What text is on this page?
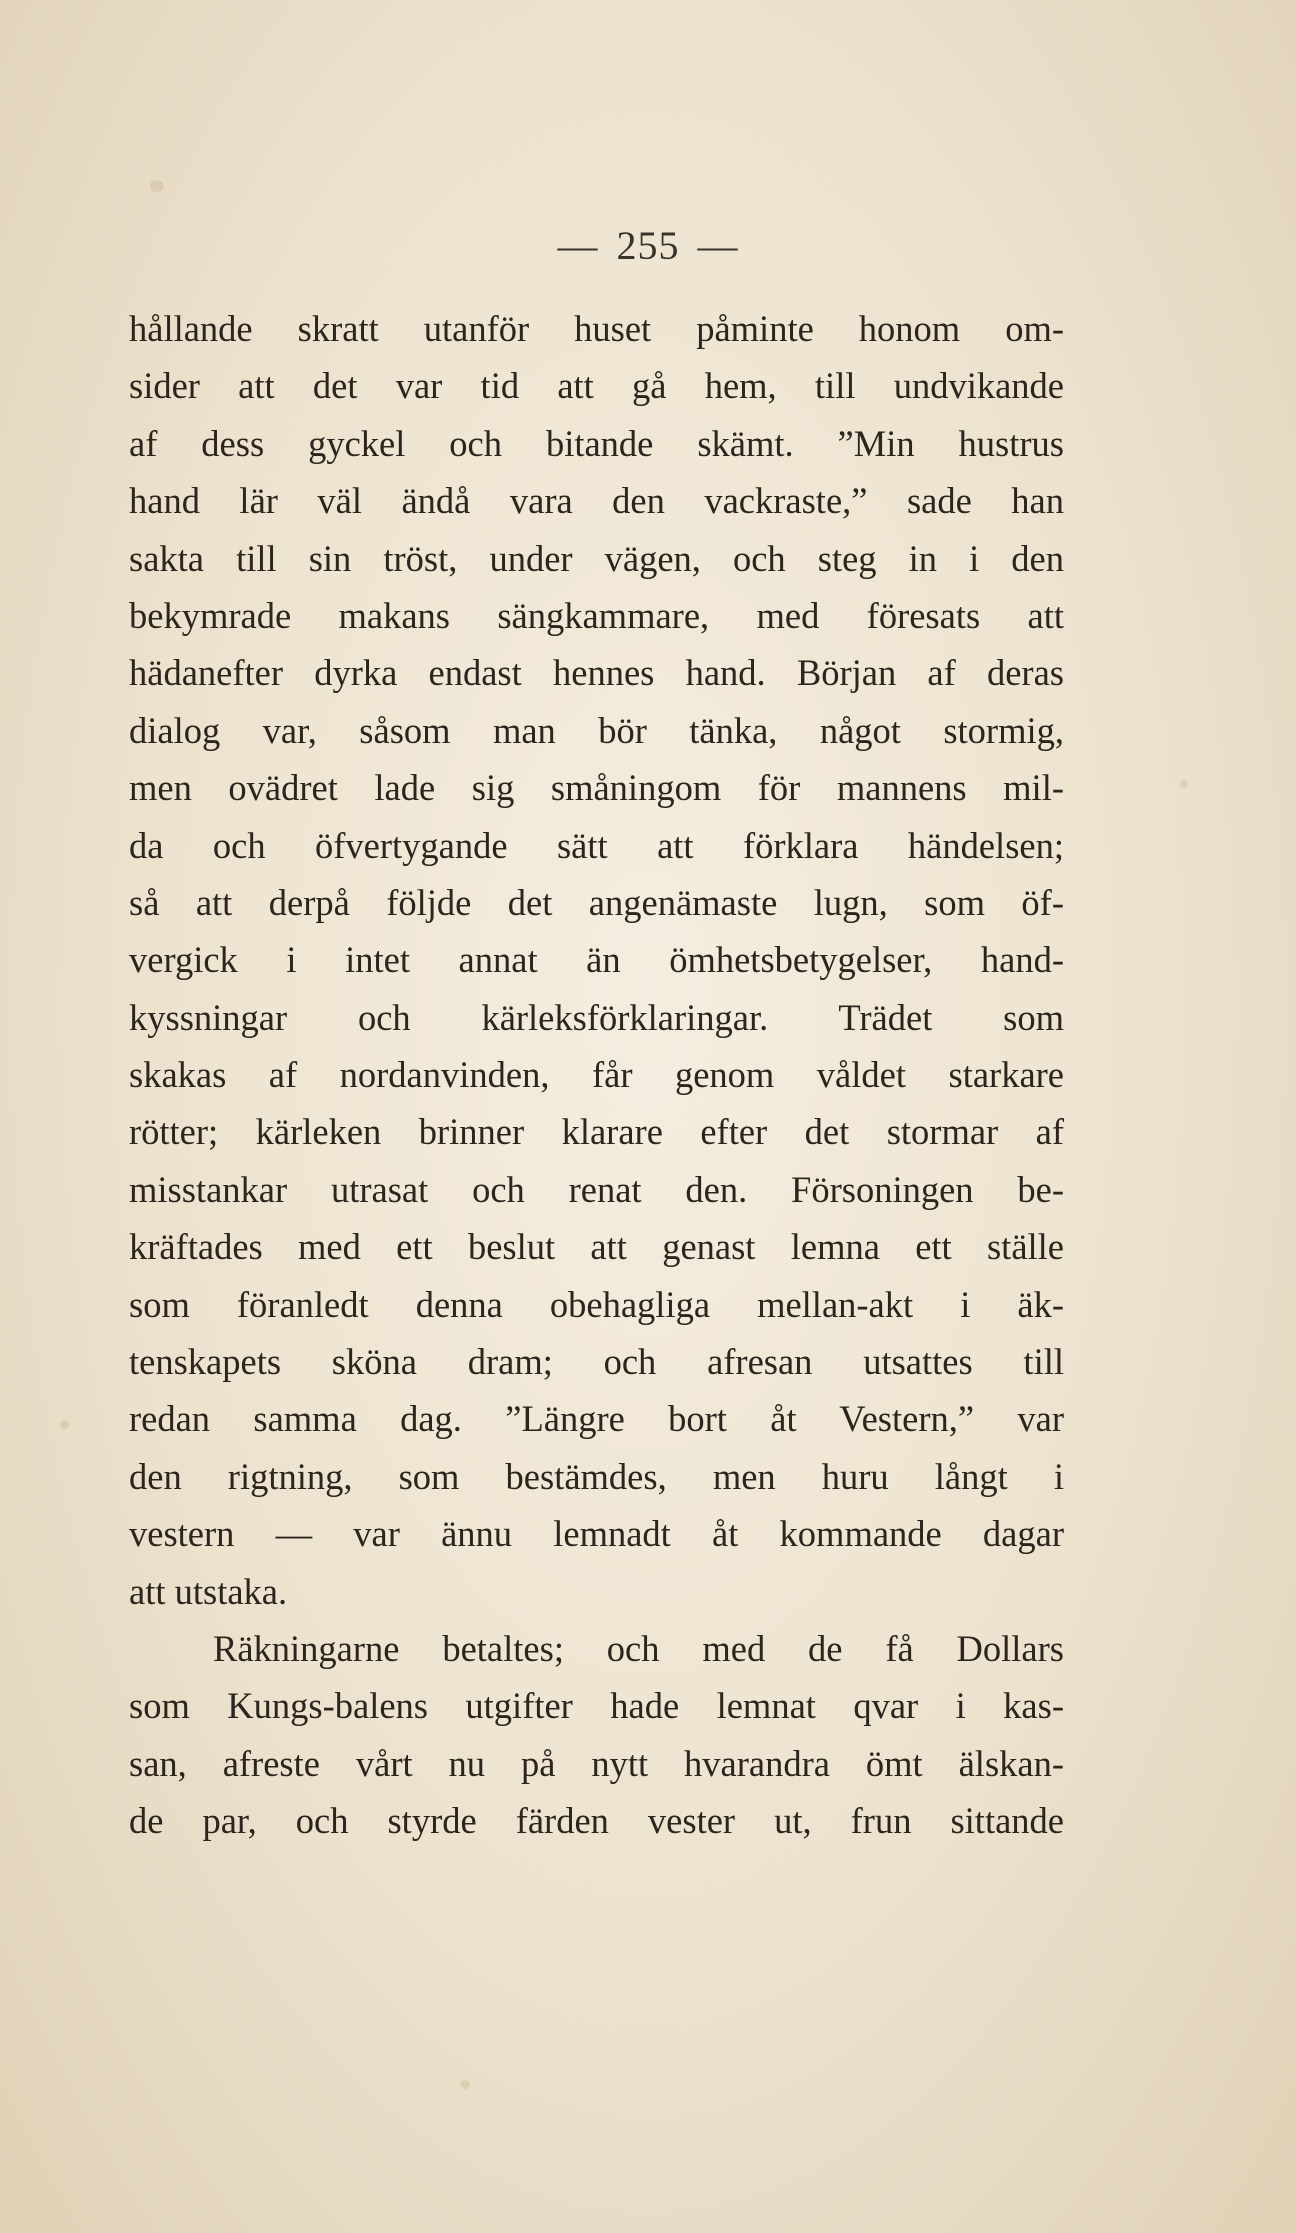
— 255 —
hållande skratt utanför huset påminte honom om-
sider att det var tid att gå hem, till undvikande
af dess gyckel och bitande skämt. ”Min hustrus
hand lär väl ändå vara den vackraste,” sade han
sakta till sin tröst, under vägen, och steg in i den
bekymrade makans sängkammare, med föresats att
hädanefter dyrka endast hennes hand. Början af deras
dialog var, såsom man bör tänka, något stormig,
men ovädret lade sig småningom för mannens mil-
da och öfvertygande sätt att förklara händelsen;
så att derpå följde det angenämaste lugn, som öf-
vergick i intet annat än ömhetsbetygelser, hand-
kyssningar och kärleksförklaringar. Trädet som
skakas af nordanvinden, får genom våldet starkare
rötter; kärleken brinner klarare efter det stormar af
misstankar utrasat och renat den. Försoningen be-
kräftades med ett beslut att genast lemna ett ställe
som föranledt denna obehagliga mellan-akt i äk-
tenskapets sköna dram; och afresan utsattes till
redan samma dag. ”Längre bort åt Vestern,” var
den rigtning, som bestämdes, men huru långt i
vestern — var ännu lemnadt åt kommande dagar
att utstaka.
Räkningarne betaltes; och med de få Dollars
som Kungs-balens utgifter hade lemnat qvar i kas-
san, afreste vårt nu på nytt hvarandra ömt älskan-
de par, och styrde färden vester ut, frun sittande
